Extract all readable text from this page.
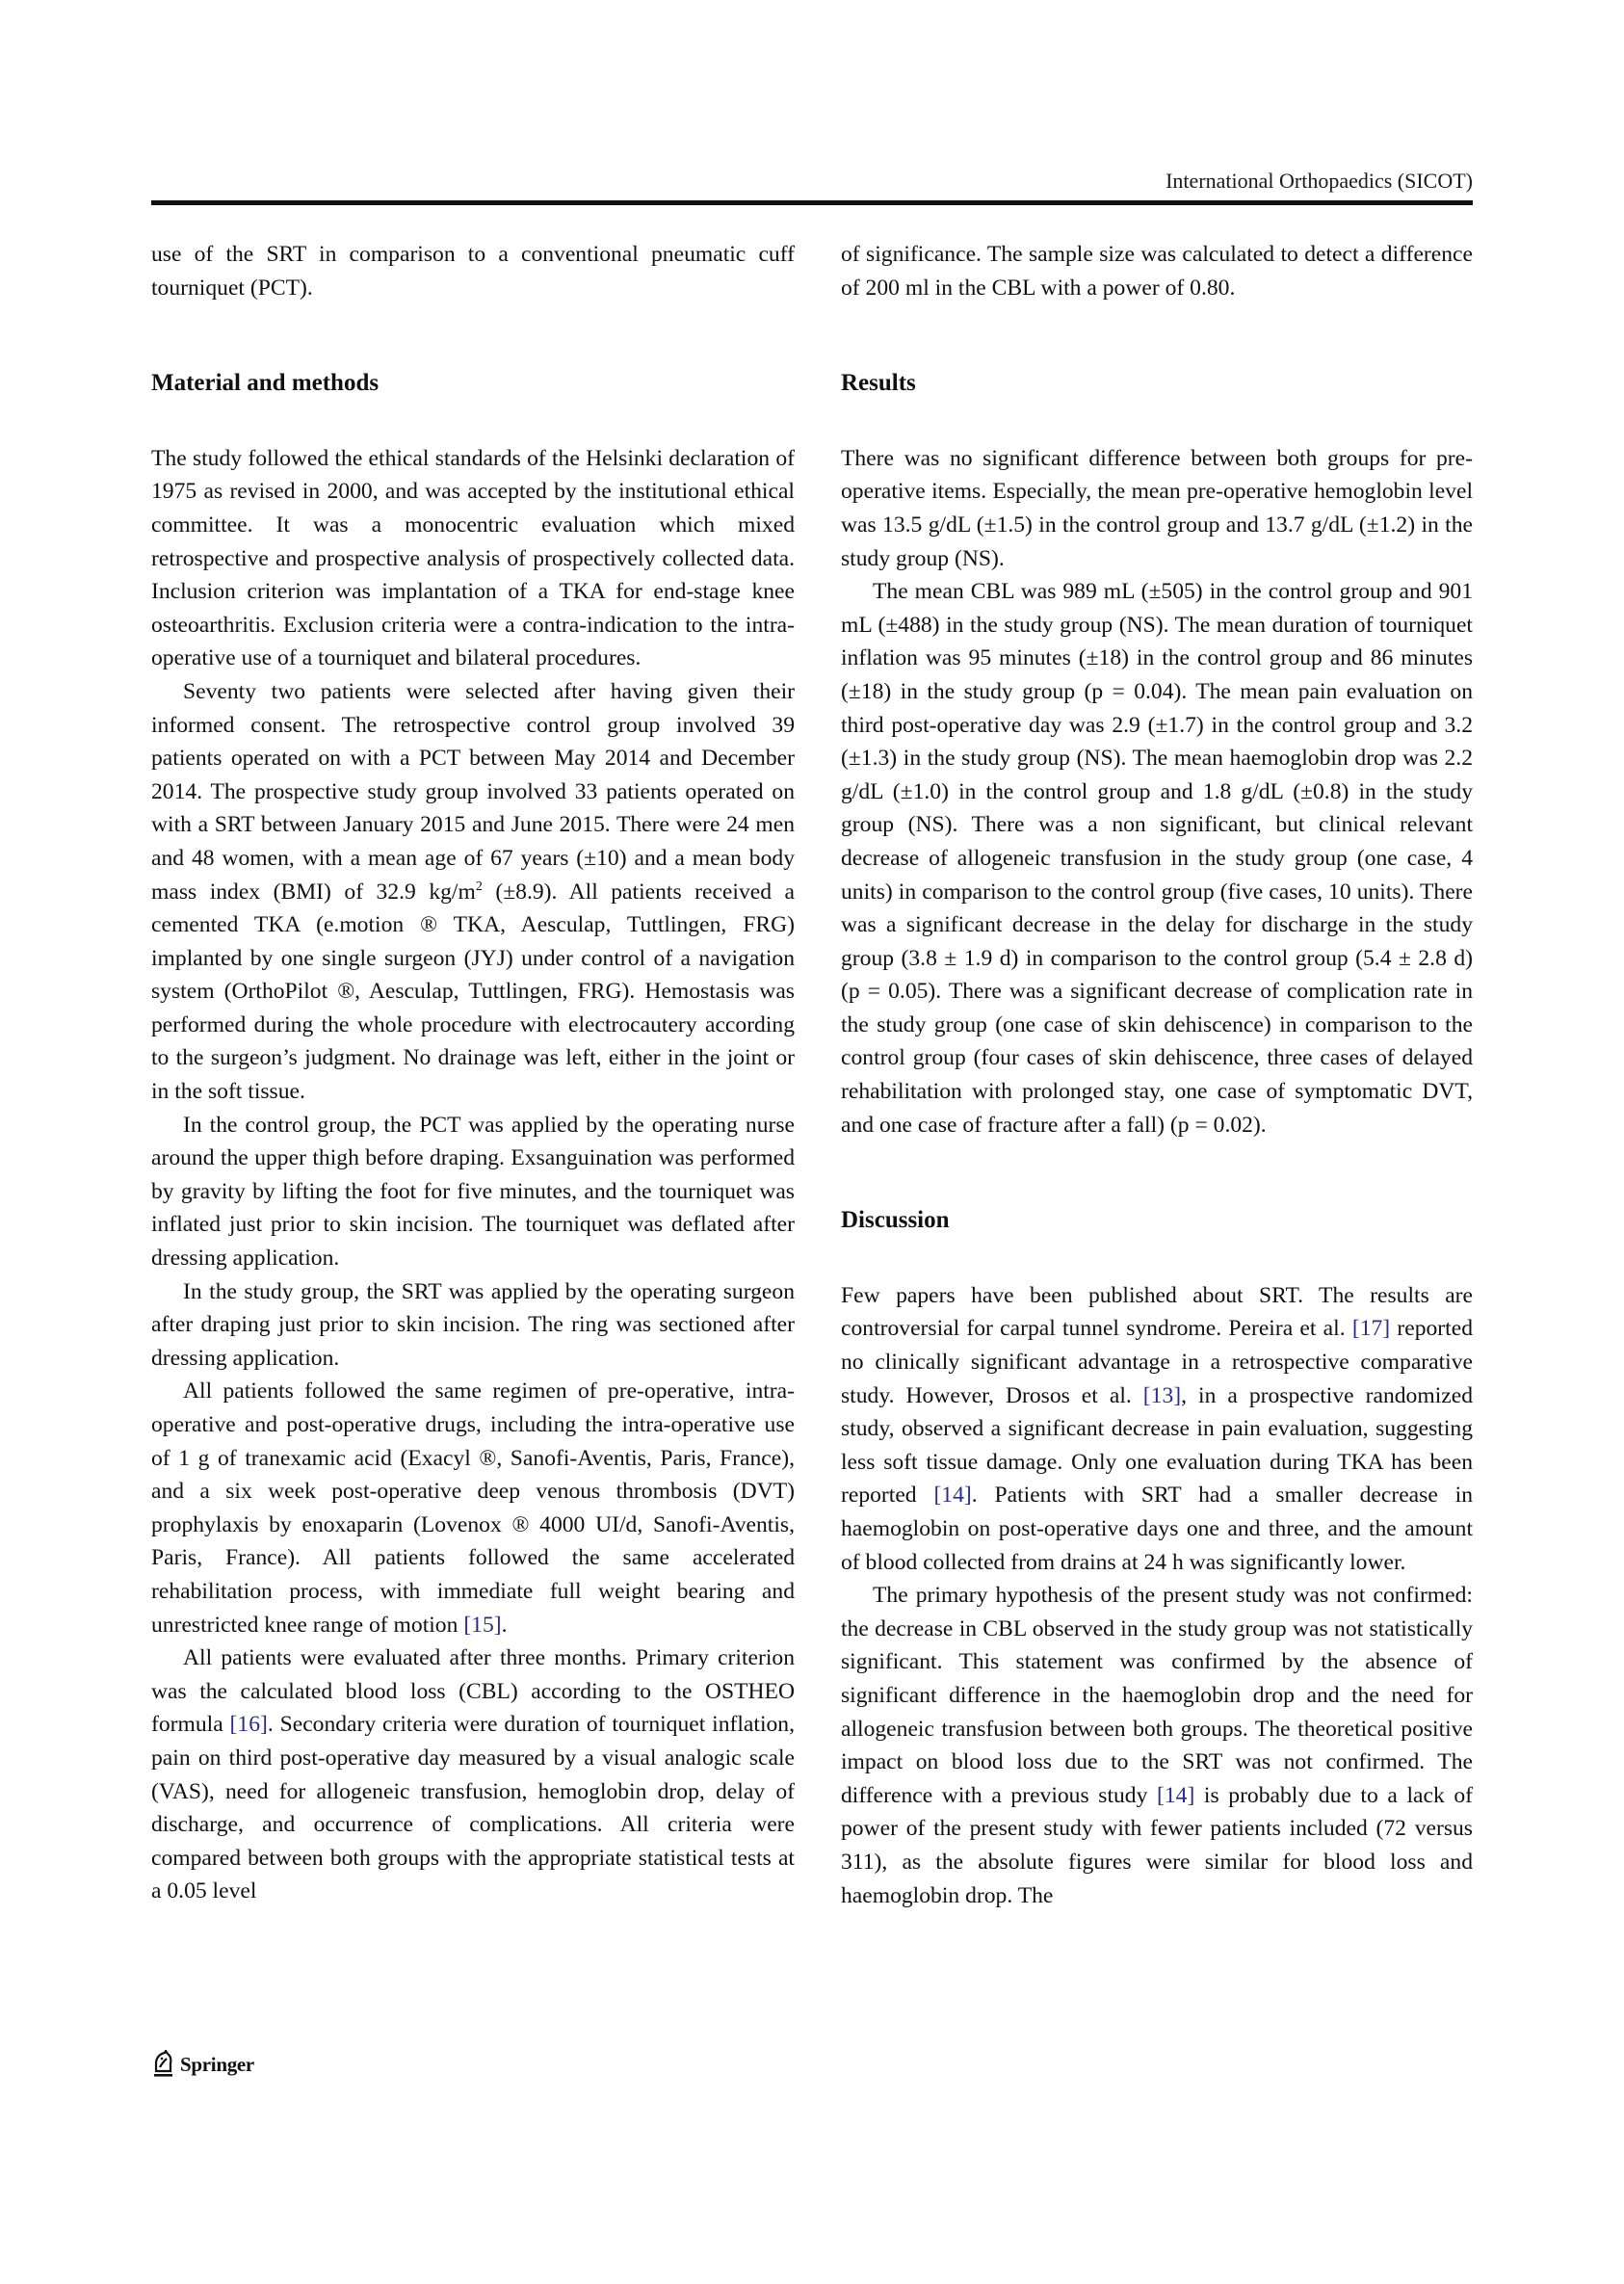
International Orthopaedics (SICOT)

use of the SRT in comparison to a conventional pneumatic cuff tourniquet (PCT).

Material and methods

The study followed the ethical standards of the Helsinki declaration of 1975 as revised in 2000, and was accepted by the institutional ethical committee. It was a monocentric evaluation which mixed retrospective and prospective analysis of prospectively collected data. Inclusion criterion was implantation of a TKA for end-stage knee osteoarthritis. Exclusion criteria were a contra-indication to the intra-operative use of a tourniquet and bilateral procedures.

Seventy two patients were selected after having given their informed consent. The retrospective control group involved 39 patients operated on with a PCT between May 2014 and December 2014. The prospective study group involved 33 patients operated on with a SRT between January 2015 and June 2015. There were 24 men and 48 women, with a mean age of 67 years (±10) and a mean body mass index (BMI) of 32.9 $kg/m^2$ (±8.9). All patients received a cemented TKA (e.motion ® TKA, Aesculap, Tuttlingen, FRG) implanted by one single surgeon (JYJ) under control of a navigation system (OrthoPilot ®, Aesculap, Tuttlingen, FRG). Hemostasis was performed during the whole procedure with electrocautery according to the surgeon’s judgment. No drainage was left, either in the joint or in the soft tissue.

In the control group, the PCT was applied by the operating nurse around the upper thigh before draping. Exsanguination was performed by gravity by lifting the foot for five minutes, and the tourniquet was inflated just prior to skin incision. The tourniquet was deflated after dressing application.

In the study group, the SRT was applied by the operating surgeon after draping just prior to skin incision. The ring was sectioned after dressing application.

All patients followed the same regimen of pre-operative, intra-operative and post-operative drugs, including the intra-operative use of 1 g of tranexamic acid (Exacyl ®, Sanofi-Aventis, Paris, France), and a six week post-operative deep venous thrombosis (DVT) prophylaxis by enoxaparin (Lovenox ® 4000 UI/d, Sanofi-Aventis, Paris, France). All patients followed the same accelerated rehabilitation process, with immediate full weight bearing and unrestricted knee range of motion [15].

All patients were evaluated after three months. Primary criterion was the calculated blood loss (CBL) according to the OSTHEO formula [16]. Secondary criteria were duration of tourniquet inflation, pain on third post-operative day measured by a visual analogic scale (VAS), need for allogeneic transfusion, hemoglobin drop, delay of discharge, and occurrence of complications. All criteria were compared between both groups with the appropriate statistical tests at a 0.05 level

of significance. The sample size was calculated to detect a difference of 200 ml in the CBL with a power of 0.80.

Results

There was no significant difference between both groups for pre-operative items. Especially, the mean pre-operative hemoglobin level was 13.5 g/dL (±1.5) in the control group and 13.7 g/dL (±1.2) in the study group (NS).

The mean CBL was 989 mL (±505) in the control group and 901 mL (±488) in the study group (NS). The mean duration of tourniquet inflation was 95 minutes (±18) in the control group and 86 minutes (±18) in the study group (p = 0.04). The mean pain evaluation on third post-operative day was 2.9 (±1.7) in the control group and 3.2 (±1.3) in the study group (NS). The mean haemoglobin drop was 2.2 g/dL (±1.0) in the control group and 1.8 g/dL (±0.8) in the study group (NS). There was a non significant, but clinical relevant decrease of allogeneic transfusion in the study group (one case, 4 units) in comparison to the control group (five cases, 10 units). There was a significant decrease in the delay for discharge in the study group (3.8 ± 1.9 d) in comparison to the control group (5.4 ± 2.8 d) (p = 0.05). There was a significant decrease of complication rate in the study group (one case of skin dehiscence) in comparison to the control group (four cases of skin dehiscence, three cases of delayed rehabilitation with prolonged stay, one case of symptomatic DVT, and one case of fracture after a fall) (p = 0.02).

Discussion

Few papers have been published about SRT. The results are controversial for carpal tunnel syndrome. Pereira et al. [17] reported no clinically significant advantage in a retrospective comparative study. However, Drosos et al. [13], in a prospective randomized study, observed a significant decrease in pain evaluation, suggesting less soft tissue damage. Only one evaluation during TKA has been reported [14]. Patients with SRT had a smaller decrease in haemoglobin on post-operative days one and three, and the amount of blood collected from drains at 24 h was significantly lower.

The primary hypothesis of the present study was not confirmed: the decrease in CBL observed in the study group was not statistically significant. This statement was confirmed by the absence of significant difference in the haemoglobin drop and the need for allogeneic transfusion between both groups. The theoretical positive impact on blood loss due to the SRT was not confirmed. The difference with a previous study [14] is probably due to a lack of power of the present study with fewer patients included (72 versus 311), as the absolute figures were similar for blood loss and haemoglobin drop. The

Springer
